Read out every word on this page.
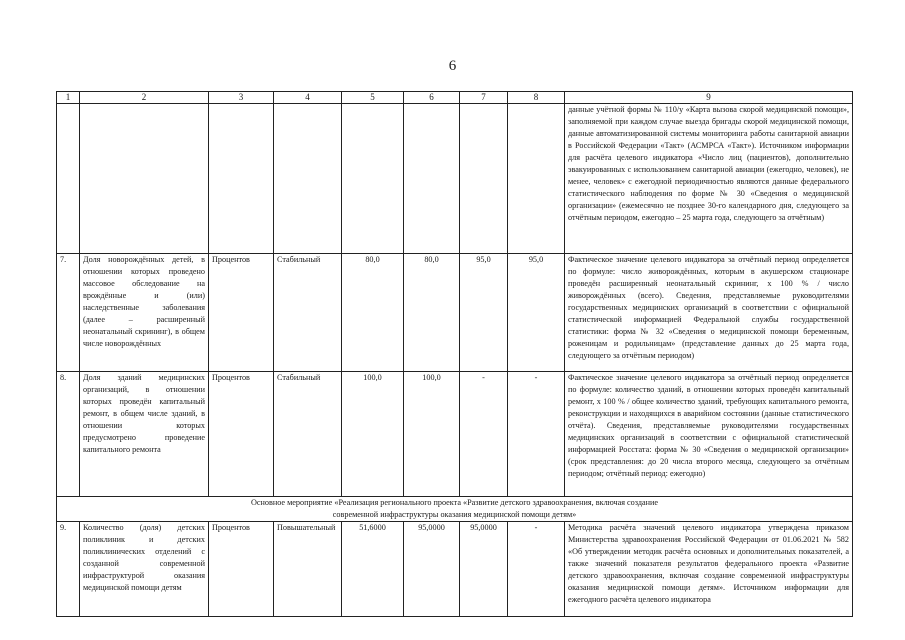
6
1	2	3	4	5	6	7	8	9
								данные учётной формы № 110/у «Карта вызова скорой медицинской помощи», заполняемой при каждом случае выезда бригады скорой медицинской помощи, данные автоматизированной системы мониторинга работы санитарной авиации в Российской Федерации «Такт» (АСМРСА «Такт»). Источником информации для расчёта целевого индикатора «Число лиц (пациентов), дополнительно эвакуированных с использованием санитарной авиации (ежегодно, человек), не менее, человек» с ежегодной периодичностью являются данные федерального статистического наблюдения по форме № 30 «Сведения о медицинской организации» (ежемесячно не позднее 30-го календарного дня, следующего за отчётным периодом, ежегодно – 25 марта года, следующего за отчётным)
7.	Доля новорождённых детей, в отношении которых проведено массовое обследование на врождённые и (или) наследственные заболевания (далее – расширенный неонатальный скрининг), в общем числе новорождённых	Процентов	Стабильный	80,0	80,0	95,0	95,0	Фактическое значение целевого индикатора за отчётный период определяется по формуле: число живорождённых, которым в акушерском стационаре проведён расширенный неонатальный скрининг, х 100 % / число живорождённых (всего). Сведения, представляемые руководителями государственных медицинских организаций в соответствии с официальной статистической информацией Федеральной службы государственной статистики: форма № 32 «Сведения о медицинской помощи беременным, роженицам и родильницам» (представление данных до 25 марта года, следующего за отчётным периодом)
8.	Доля зданий медицинских организаций, в отношении которых проведён капитальный ремонт, в общем числе зданий, в отношении которых предусмотрено проведение капитального ремонта	Процентов	Стабильный	100,0	100,0	-	-	Фактическое значение целевого индикатора за отчётный период определяется по формуле: количество зданий, в отношении которых проведён капитальный ремонт, х 100 % / общее количество зданий, требующих капитального ремонта, реконструкции и находящихся в аварийном состоянии (данные статистического отчёта). Сведения, представляемые руководителями государственных медицинских организаций в соответствии с официальной статистической информацией Росстата: форма № 30 «Сведения о медицинской организации» (срок представления: до 20 числа второго месяца, следующего за отчётным периодом; отчётный период: ежегодно)
Основное мероприятие «Реализация регионального проекта «Развитие детского здравоохранения, включая создание
современной инфраструктуры оказания медицинской помощи детям»								
9.	Количество (доля) детских поликлиник и детских поликлинических отделений с созданной современной инфраструктурой оказания медицинской помощи детям	Процентов	Повышательный	51,6000	95,0000	95,0000	-	Методика расчёта значений целевого индикатора утверждена приказом Министерства здравоохранения Российской Федерации от 01.06.2021 № 582 «Об утверждении методик расчёта основных и дополнительных показателей, а также значений показателя результатов федерального проекта «Развитие детского здравоохранения, включая создание современной инфраструктуры оказания медицинской помощи детям». Источником информации для ежегодного расчёта целевого индикатора
